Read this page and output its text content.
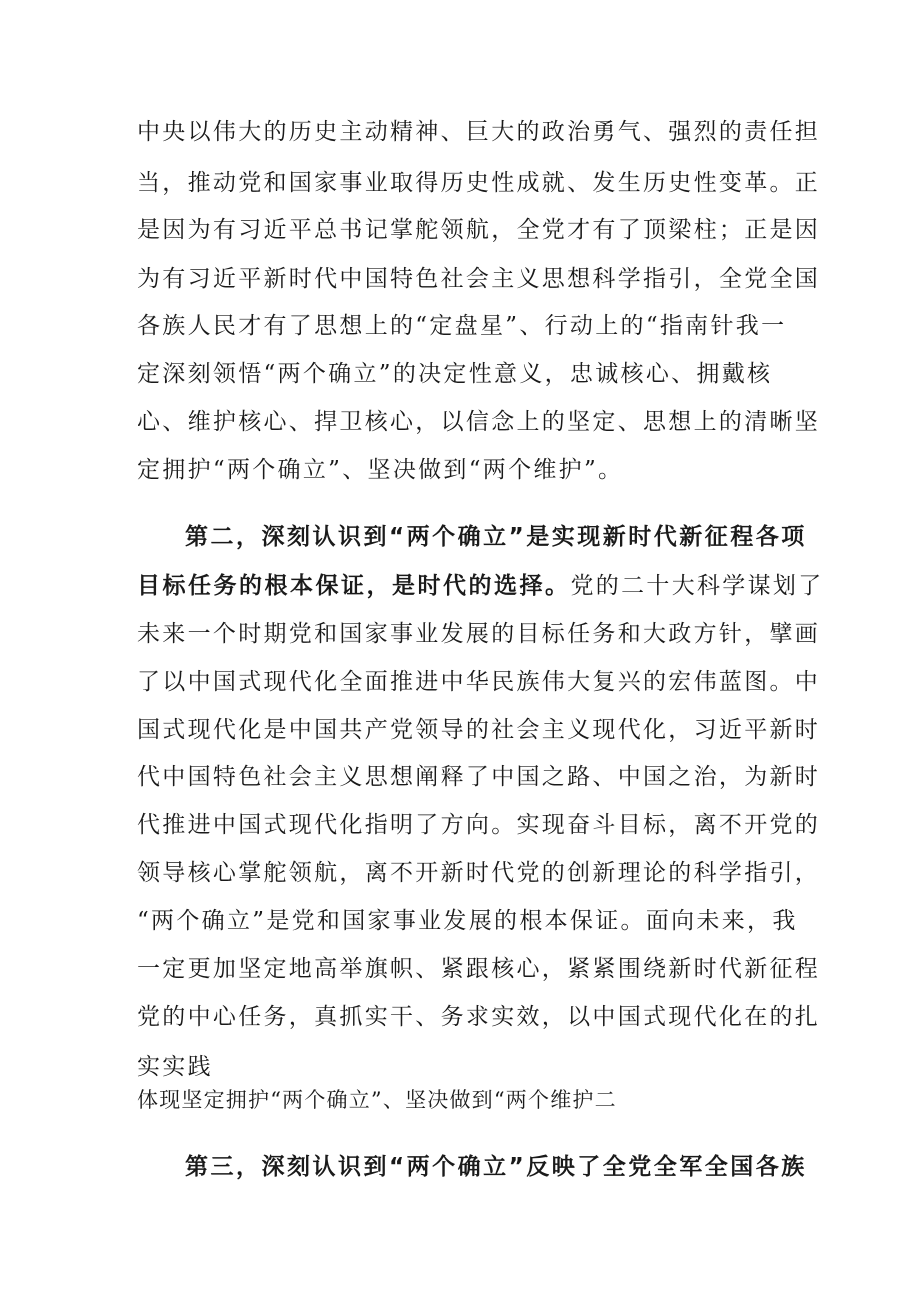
中央以伟大的历史主动精神、巨大的政治勇气、强烈的责任担
当，推动党和国家事业取得历史性成就、发生历史性变革。正
是因为有习近平总书记掌舵领航，全党才有了顶梁柱；正是因
为有习近平新时代中国特色社会主义思想科学指引，全党全国
各族人民才有了思想上的“定盘星”、行动上的“指南针我一
定深刻领悟“两个确立”的决定性意义，忠诚核心、拥戴核
心、维护核心、捍卫核心，以信念上的坚定、思想上的清晰坚
定拥护“两个确立”、坚决做到“两个维护”。
第二，深刻认识到“两个确立”是实现新时代新征程各项
目标任务的根本保证，是时代的选择。党的二十大科学谋划了
未来一个时期党和国家事业发展的目标任务和大政方针，擘画
了以中国式现代化全面推进中华民族伟大复兴的宏伟蓝图。中
国式现代化是中国共产党领导的社会主义现代化，习近平新时
代中国特色社会主义思想阐释了中国之路、中国之治，为新时
代推进中国式现代化指明了方向。实现奋斗目标，离不开党的
领导核心掌舵领航，离不开新时代党的创新理论的科学指引，
“两个确立”是党和国家事业发展的根本保证。面向未来，我
一定更加坚定地高举旗帜、紧跟核心，紧紧围绕新时代新征程
党的中心任务，真抓实干、务求实效，以中国式现代化在的扎
实实践
体现坚定拥护“两个确立”、坚决做到“两个维护二
第三，深刻认识到“两个确立”反映了全党全军全国各族
